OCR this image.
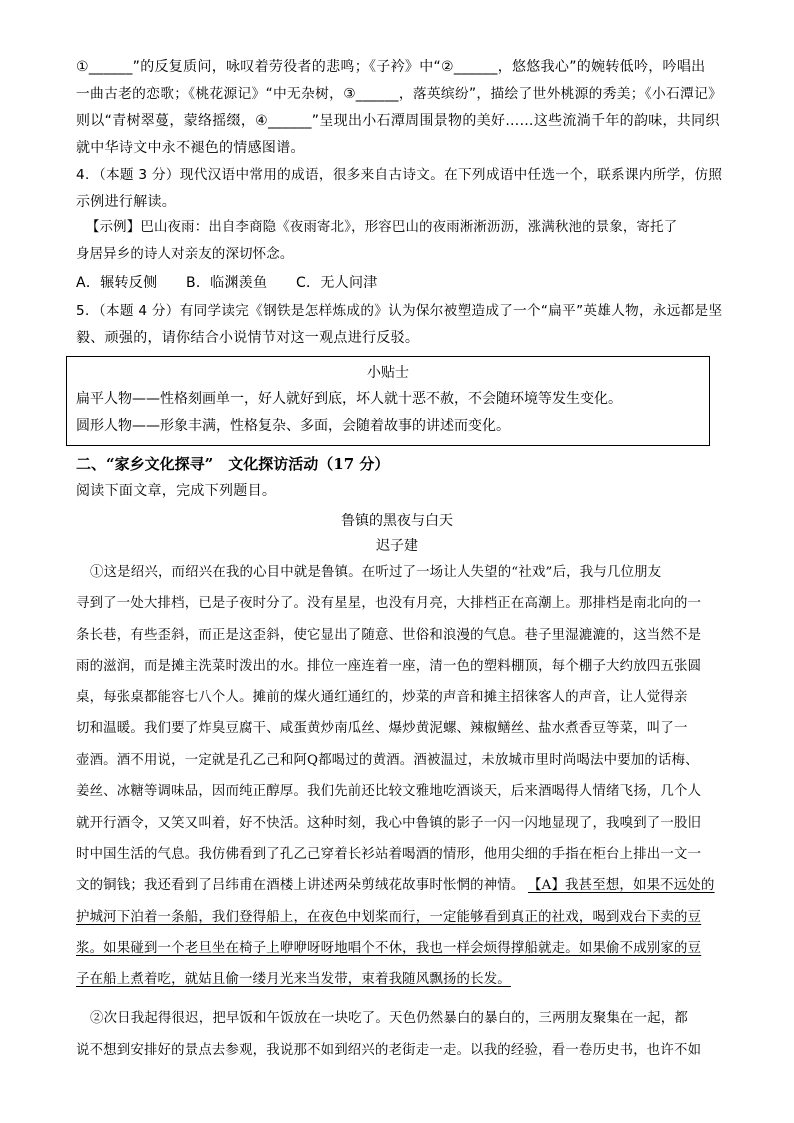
①______”的反复质问，咏叹着劳役者的悲鸣；《子衿》中“②______，悠悠我心”的婉转低吟，吟唱出
一曲古老的恋歌；《桃花源记》“中无杂树，③______，落英缤纷”，描绘了世外桃源的秀美；《小石潭记》
则以“青树翠蔓，蒙络摇缀，④______”呈现出小石潭周围景物的美好……这些流淌千年的韵味，共同织
就中华诗文中永不褪色的情感图谱。
4．（本题 3 分）现代汉语中常用的成语，很多来自古诗文。在下列成语中任选一个，联系课内所学，仿照
示例进行解读。
【示例】巴山夜雨：出自李商隐《夜雨寄北》，形容巴山的夜雨淅淅沥沥，涨满秋池的景象，寄托了
身居异乡的诗人对亲友的深切怀念。
A．辗转反侧　　B．临渊羡鱼　　C．无人问津
5．（本题 4 分）有同学读完《钢铁是怎样炼成的》认为保尔被塑造成了一个“扁平”英雄人物，永远都是坚
毅、顽强的，请你结合小说情节对这一观点进行反驳。
小贴士
扁平人物——性格刻画单一，好人就好到底，坏人就十恶不赦，不会随环境等发生变化。
圆形人物——形象丰满，性格复杂、多面，会随着故事的讲述而变化。
二、“家乡文化探寻”　文化探访活动（17 分）
阅读下面文章，完成下列题目。
鲁镇的黑夜与白天
迟子建
①这是绍兴，而绍兴在我的心目中就是鲁镇。在听过了一场让人失望的“社戏”后，我与几位朋友
寻到了一处大排档，已是子夜时分了。没有星星，也没有月亮，大排档正在高潮上。那排档是南北向的一
条长巷，有些歪斜，而正是这歪斜，使它显出了随意、世俗和浪漫的气息。巷子里湿漉漉的，这当然不是
雨的滋润，而是摊主洗菜时泼出的水。排位一座连着一座，清一色的塑料棚顶，每个棚子大约放四五张圆
桌，每张桌都能容七八个人。摊前的煤火通红通红的，炒菜的声音和摊主招徕客人的声音，让人觉得亲
切和温暖。我们要了炸臭豆腐干、咸蛋黄炒南瓜丝、爆炒黄泥螺、辣椒鳝丝、盐水煮香豆等菜，叫了一
壶酒。酒不用说，一定就是孔乙己和阿Q都喝过的黄酒。酒被温过，未放城市里时尚喝法中要加的话梅、
姜丝、冰糖等调味品，因而纯正醇厚。我们先前还比较文雅地吃酒谈天，后来酒喝得人情绪飞扬，几个人
就开行酒令，又笑又叫着，好不快活。这种时刻，我心中鲁镇的影子一闪一闪地显现了，我嗅到了一股旧
时中国生活的气息。我仿佛看到了孔乙己穿着长衫站着喝酒的情形，他用尖细的手指在柜台上排出一文一
文的铜钱；我还看到了吕纬甫在酒楼上讲述两朵剪绒花故事时怅惘的神情。 【A】我甚至想，如果不远处的
护城河下泊着一条船，我们登得船上，在夜色中划桨而行，一定能够看到真正的社戏，喝到戏台下卖的豆
浆。如果碰到一个老旦坐在椅子上咿咿呀呀地唱个不休，我也一样会烦得撑船就走。如果偷不成别家的豆
子在船上煮着吃，就姑且偷一缕月光来当发带，束着我随风飘扬的长发。
②次日我起得很迟，把早饭和午饭放在一块吃了。天色仍然暴白的暴白的，三两朋友聚集在一起，都
说不想到安排好的景点去参观，我说那不如到绍兴的老街走一走。以我的经验，看一卷历史书，也许不如
